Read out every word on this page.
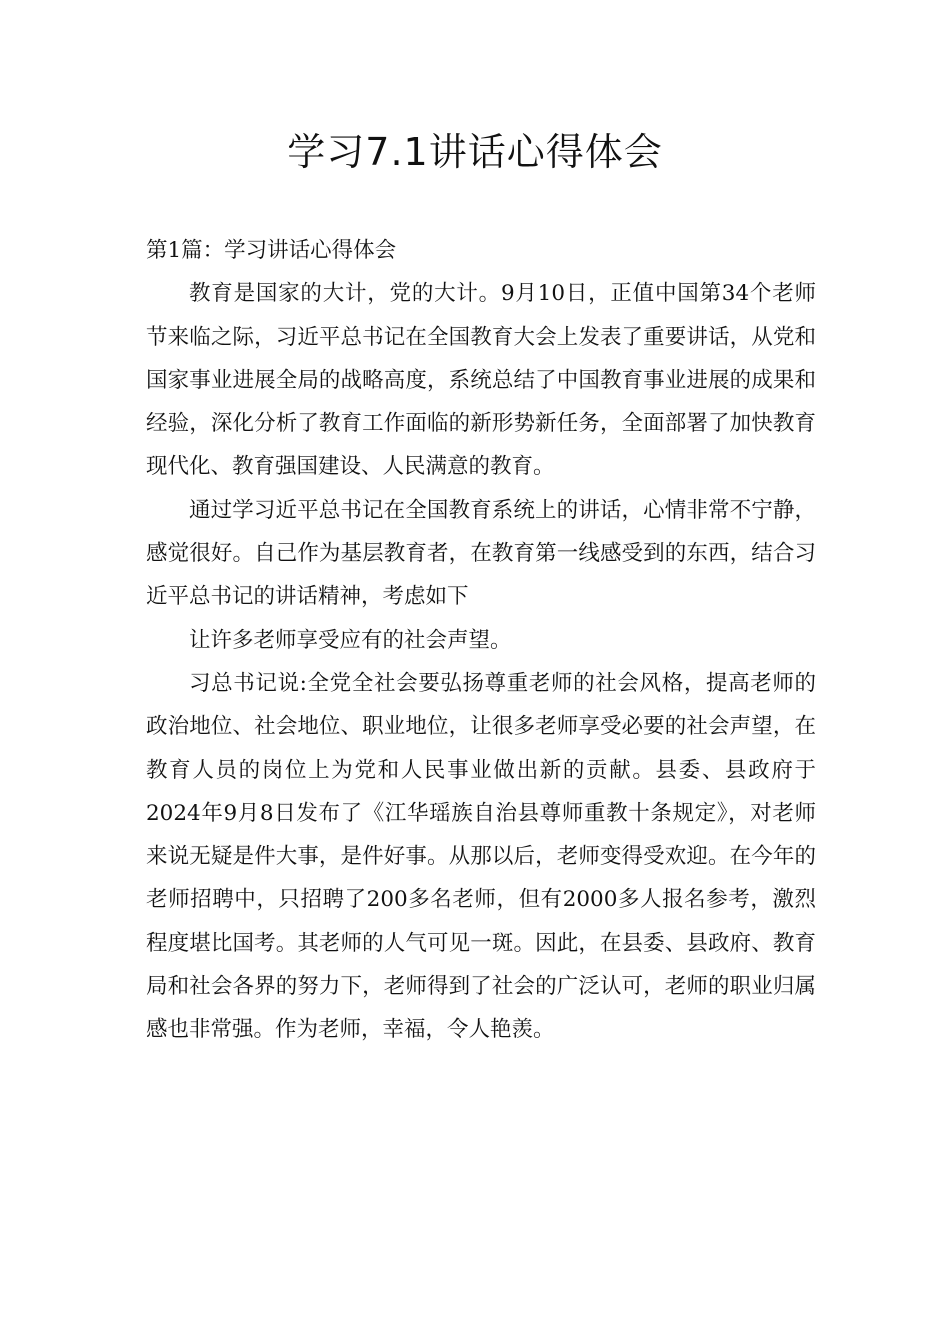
学习7.1讲话心得体会

第1篇：学习讲话心得体会

教育是国家的大计，党的大计。9月10日，正值中国第34个老师节来临之际，习近平总书记在全国教育大会上发表了重要讲话，从党和国家事业进展全局的战略高度，系统总结了中国教育事业进展的成果和经验，深化分析了教育工作面临的新形势新任务，全面部署了加快教育现代化、教育强国建设、人民满意的教育。

通过学习近平总书记在全国教育系统上的讲话，心情非常不宁静，感觉很好。自己作为基层教育者，在教育第一线感受到的东西，结合习近平总书记的讲话精神，考虑如下

让许多老师享受应有的社会声望。

习总书记说:全党全社会要弘扬尊重老师的社会风格，提高老师的政治地位、社会地位、职业地位，让很多老师享受必要的社会声望，在教育人员的岗位上为党和人民事业做出新的贡献。县委、县政府于2024年9月8日发布了《江华瑶族自治县尊师重教十条规定》，对老师来说无疑是件大事，是件好事。从那以后，老师变得受欢迎。在今年的老师招聘中，只招聘了200多名老师，但有2000多人报名参考，激烈程度堪比国考。其老师的人气可见一斑。因此，在县委、县政府、教育局和社会各界的努力下，老师得到了社会的广泛认可，老师的职业归属感也非常强。作为老师，幸福，令人艳羡。
